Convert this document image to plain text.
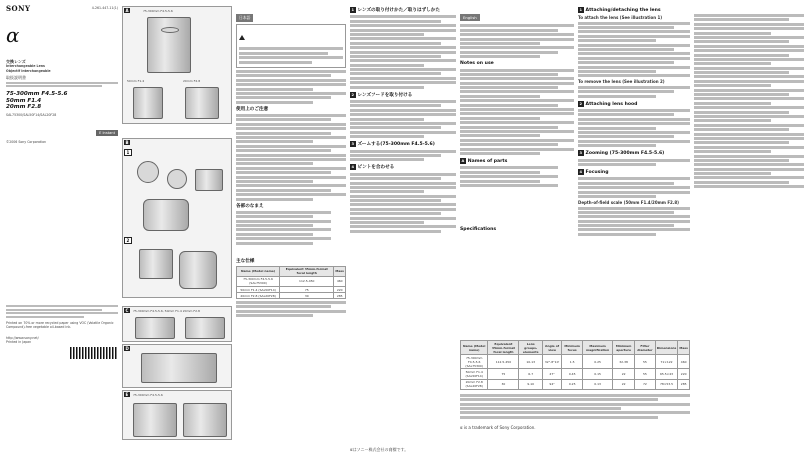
SONY	4-261-447-11(1)
α
交換レンズ
Interchangeable Lens
Objectif interchangeable
取扱説明書
75-300mm F4.5-5.6
50mm F1.4
20mm F2.8
SAL75300/SAL50F14/SAL20F28
E Instant
©2006 Sony Corporation
Printed on 70% or more recycled paper using VOC (Volatile Organic Compound)-free vegetable oil-based ink.
http://www.sony.net/
Printed in Japan
A	75-300mm F4.5-5.6
50mm F1.4	20mm F2.8
B
1
2
C	75-300mm F4.5-5.6, 50mm F1.4 20mm F2.8
D
E	75-300mm F4.5-5.6
日本語
使用上のご注意
各部のなまえ
主な仕様
Name (Model name)	Equivalent 35mm-format focal length	Mass
75-300mm F4.5-5.6 (SAL75300)	112.5-450	460
50mm F1.4 (SAL50F14)	75	220
20mm F2.8 (SAL20F28)	30	285
1 レンズの取り付けかた／取りはずしかた
2 レンズフードを取り付ける
3 ズームする(75-300mm F4.5-5.6)
4 ピントを合わせる
αはソニー株式会社の商標です。
English
Notes on use
A Names of parts
Specifications
Name (Model name)	Equivalent 35mm-format focal length	Lens groups-elements	Angle of view	Minimum focus	Maximum magnification	Minimum aperture	Filter diameter	Dimensions	Mass
75-300mm F4.5-5.6 (SAL75300)	112.5-450	10-13	32°-8°10'	1.5	0.25	32-38	55	71×122	460
50mm F1.4 (SAL50F14)	75	6-7	47°	0.45	0.15	22	55	65.5×43	220
20mm F2.8 (SAL20F28)	30	9-10	94°	0.25	0.13	22	72	78×53.5	285
α is a trademark of Sony Corporation.
1 Attaching/detaching the lens
To attach the lens (See illustration 1)
To remove the lens (See illustration 2)
2 Attaching lens hood
3 Zooming (75-300mm F4.5-5.6)
4 Focusing
Depth-of-field scale (50mm F1.4/20mm F2.8)
